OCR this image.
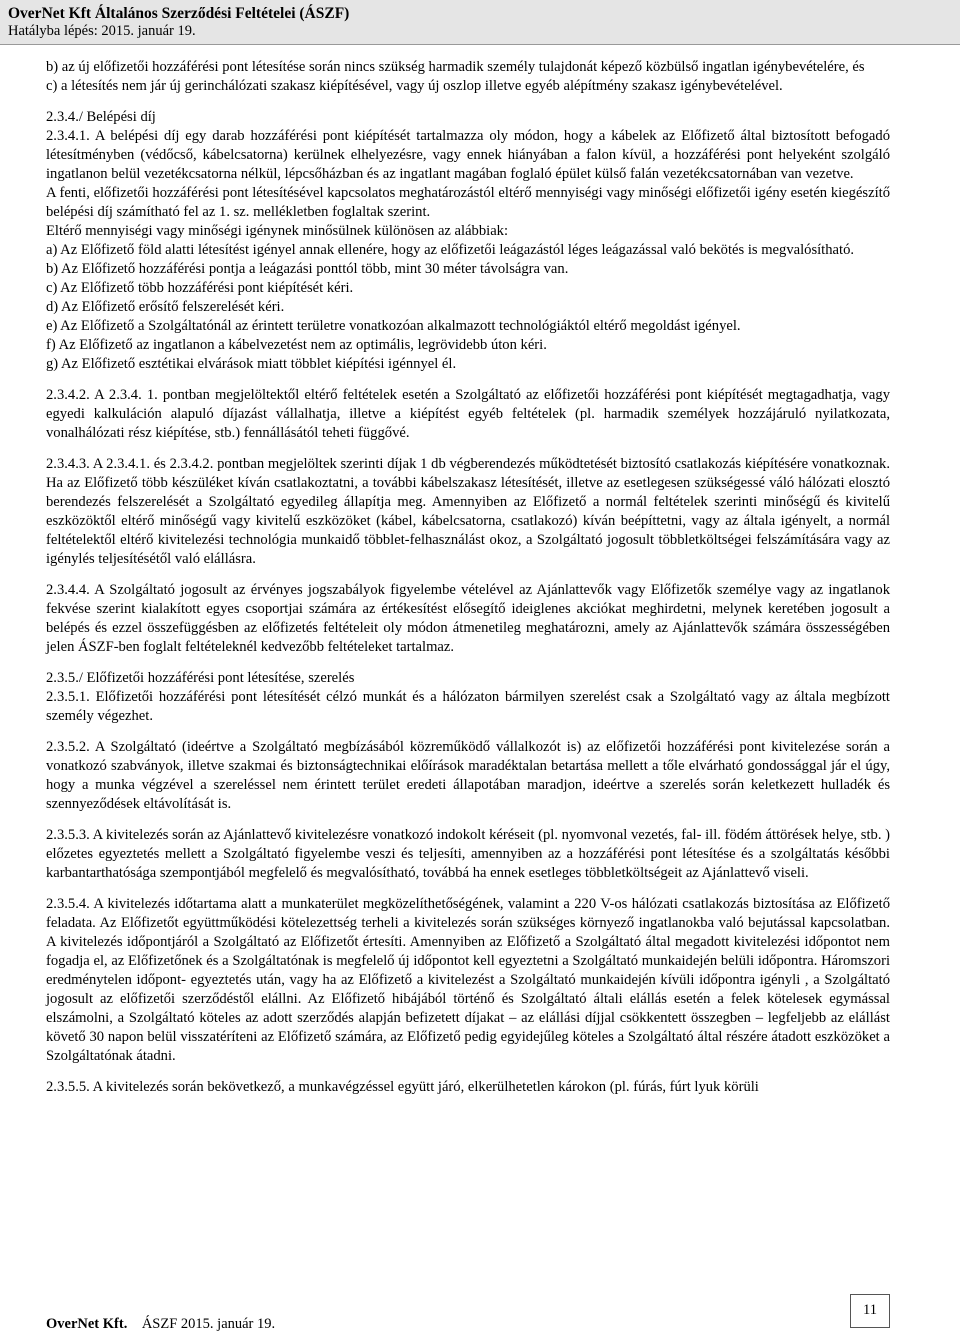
OverNet Kft Általános Szerződési Feltételei (ÁSZF)
Hatályba lépés: 2015. január 19.

b) az új előfizetői hozzáférési pont létesítése során nincs szükség harmadik személy tulajdonát képező közbülső ingatlan igénybevételére, és

c) a létesítés nem jár új gerinchálózati szakasz kiépítésével, vagy új oszlop illetve egyéb alépítmény szakasz igénybevételével.

2.3.4./ Belépési díj

2.3.4.1. A belépési díj egy darab hozzáférési pont kiépítését tartalmazza oly módon, hogy a kábelek az Előfizető által biztosított befogadó létesítményben (védőcső, kábelcsatorna) kerülnek elhelyezésre, vagy ennek hiányában a falon kívül, a hozzáférési pont helyeként szolgáló ingatlanon belül vezetékcsatorna nélkül, lépcsőházban és az ingatlant magában foglaló épület külső falán vezetékcsatornában van vezetve.

A fenti, előfizetői hozzáférési pont létesítésével kapcsolatos meghatározástól eltérő mennyiségi vagy minőségi előfizetői igény esetén kiegészítő belépési díj számítható fel az 1. sz. mellékletben foglaltak szerint.

Eltérő mennyiségi vagy minőségi igénynek minősülnek különösen az alábbiak:

a) Az Előfizető föld alatti létesítést igényel annak ellenére, hogy az előfizetői leágazástól léges leágazással való bekötés is megvalósítható.

b) Az Előfizető hozzáférési pontja a leágazási ponttól több, mint 30 méter távolságra van.

c) Az Előfizető több hozzáférési pont kiépítését kéri.

d) Az Előfizető erősítő felszerelését kéri.

e) Az Előfizető a Szolgáltatónál az érintett területre vonatkozóan alkalmazott technológiáktól eltérő megoldást igényel.

f) Az Előfizető az ingatlanon a kábelvezetést nem az optimális, legrövidebb úton kéri.

g) Az Előfizető esztétikai elvárások miatt többlet kiépítési igénnyel él.

2.3.4.2. A 2.3.4. 1. pontban megjelöltektől eltérő feltételek esetén a Szolgáltató az előfizetői hozzáférési pont kiépítését megtagadhatja, vagy egyedi kalkuláción alapuló díjazást vállalhatja, illetve a kiépítést egyéb feltételek (pl. harmadik személyek hozzájáruló nyilatkozata, vonalhálózati rész kiépítése, stb.) fennállásától teheti függővé.

2.3.4.3. A 2.3.4.1. és 2.3.4.2. pontban megjelöltek szerinti díjak 1 db végberendezés működtetését biztosító csatlakozás kiépítésére vonatkoznak. Ha az Előfizető több készüléket kíván csatlakoztatni, a további kábelszakasz létesítését, illetve az esetlegesen szükségessé váló hálózati elosztó berendezés felszerelését a Szolgáltató egyedileg állapítja meg. Amennyiben az Előfizető a normál feltételek szerinti minőségű és kivitelű eszközöktől eltérő minőségű vagy kivitelű eszközöket (kábel, kábelcsatorna, csatlakozó) kíván beépíttetni, vagy az általa igényelt, a normál feltételektől eltérő kivitelezési technológia munkaidő többlet-felhasználást okoz, a Szolgáltató jogosult többletköltségei felszámítására vagy az igénylés teljesítésétől való elállásra.

2.3.4.4. A Szolgáltató jogosult az érvényes jogszabályok figyelembe vételével az Ajánlattevők vagy Előfizetők személye vagy az ingatlanok fekvése szerint kialakított egyes csoportjai számára az értékesítést elősegítő ideiglenes akciókat meghirdetni, melynek keretében jogosult a belépés és ezzel összefüggésben az előfizetés feltételeit oly módon átmenetileg meghatározni, amely az Ajánlattevők számára összességében jelen ÁSZF-ben foglalt feltételeknél kedvezőbb feltételeket tartalmaz.

2.3.5./ Előfizetői hozzáférési pont létesítése, szerelés

2.3.5.1. Előfizetői hozzáférési pont létesítését célzó munkát és a hálózaton bármilyen szerelést csak a Szolgáltató vagy az általa megbízott személy végezhet.

2.3.5.2. A Szolgáltató (ideértve a Szolgáltató megbízásából közreműködő vállalkozót is) az előfizetői hozzáférési pont kivitelezése során a vonatkozó szabványok, illetve szakmai és biztonságtechnikai előírások maradéktalan betartása mellett a tőle elvárható gondossággal jár el úgy, hogy a munka végzével a szereléssel nem érintett terület eredeti állapotában maradjon, ideértve a szerelés során keletkezett hulladék és szennyeződések eltávolítását is.

2.3.5.3. A kivitelezés során az Ajánlattevő kivitelezésre vonatkozó indokolt kéréseit (pl. nyomvonal vezetés, fal- ill. födém áttörések helye, stb. ) előzetes egyeztetés mellett a Szolgáltató figyelembe veszi és teljesíti, amennyiben az a hozzáférési pont létesítése és a szolgáltatás későbbi karbantarthatósága szempontjából megfelelő és megvalósítható, továbbá ha ennek esetleges többletköltségeit az Ajánlattevő viseli.

2.3.5.4. A kivitelezés időtartama alatt a munkaterület megközelíthetőségének, valamint a 220 V-os hálózati csatlakozás biztosítása az Előfizető feladata. Az Előfizetőt együttműködési kötelezettség terheli a kivitelezés során szükséges környező ingatlanokba való bejutással kapcsolatban. A kivitelezés időpontjáról a Szolgáltató az Előfizetőt értesíti. Amennyiben az Előfizető a Szolgáltató által megadott kivitelezési időpontot nem fogadja el, az Előfizetőnek és a Szolgáltatónak is megfelelő új időpontot kell egyeztetni a Szolgáltató munkaidején belüli időpontra. Háromszori eredménytelen időpont- egyeztetés után, vagy ha az Előfizető a kivitelezést a Szolgáltató munkaidején kívüli időpontra igényli , a Szolgáltató jogosult az előfizetői szerződéstől elállni. Az Előfizető hibájából történő és Szolgáltató általi elállás esetén a felek kötelesek egymással elszámolni, a Szolgáltató köteles az adott szerződés alapján befizetett díjakat – az elállási díjjal csökkentett összegben – legfeljebb az elállást követő 30 napon belül visszatéríteni az Előfizető számára, az Előfizető pedig egyidejűleg köteles a Szolgáltató által részére átadott eszközöket a Szolgáltatónak átadni.

2.3.5.5. A kivitelezés során bekövetkező, a munkavégzéssel együtt járó, elkerülhetetlen károkon (pl. fúrás, fúrt lyuk körüli

OverNet Kft. ÁSZF 2015. január 19.
11
